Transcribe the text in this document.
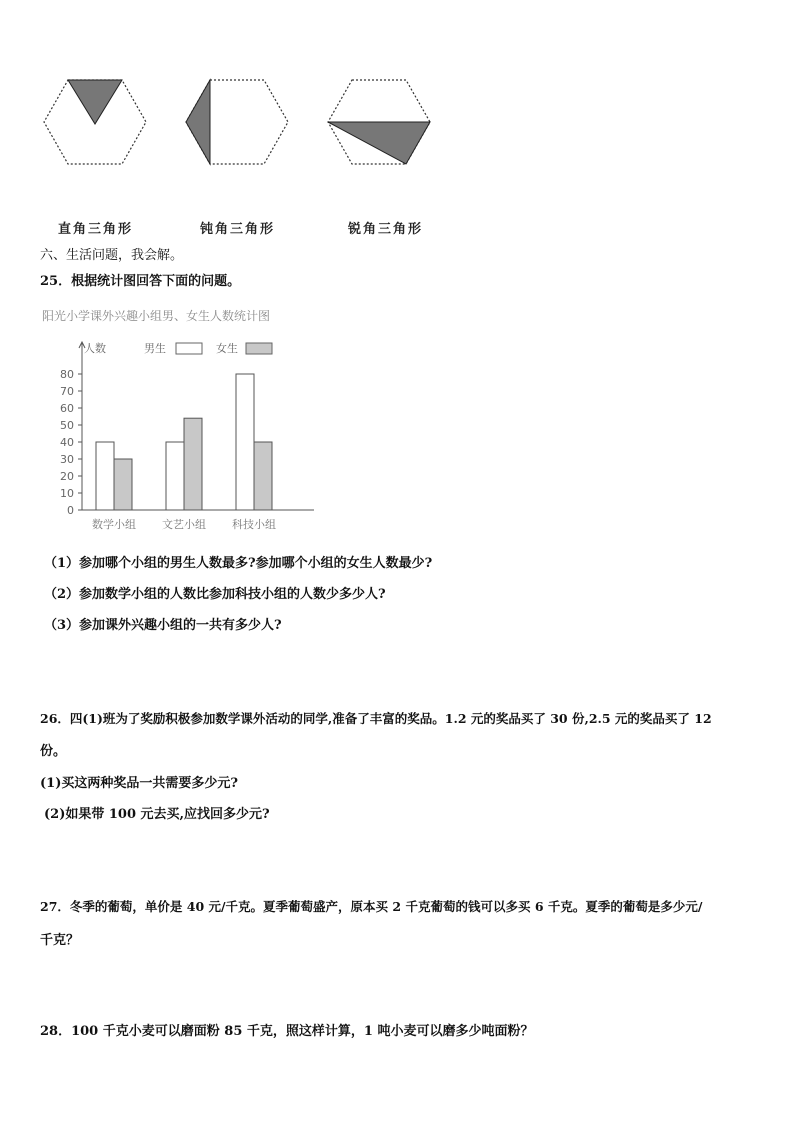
直角三角形	钝角三角形	锐角三角形
六、生活问题，我会解。
25．根据统计图回答下面的问题。
阳光小学课外兴趣小组男、女生人数统计图
人数	男生	女生
0
10
20
30
40
50
60
70
80
数学小组 文艺小组 科技小组
（1）参加哪个小组的男生人数最多?参加哪个小组的女生人数最少?
（2）参加数学小组的人数比参加科技小组的人数少多少人?
（3）参加课外兴趣小组的一共有多少人?
26．四(1)班为了奖励积极参加数学课外活动的同学,准备了丰富的奖品。1.2 元的奖品买了 30 份,2.5 元的奖品买了 12
份。
(1)买这两种奖品一共需要多少元?
(2)如果带 100 元去买,应找回多少元?
27．冬季的葡萄，单价是 40 元/千克。夏季葡萄盛产，原本买 2 千克葡萄的钱可以多买 6 千克。夏季的葡萄是多少元/
千克？
28．100 千克小麦可以磨面粉 85 千克，照这样计算，1 吨小麦可以磨多少吨面粉？
